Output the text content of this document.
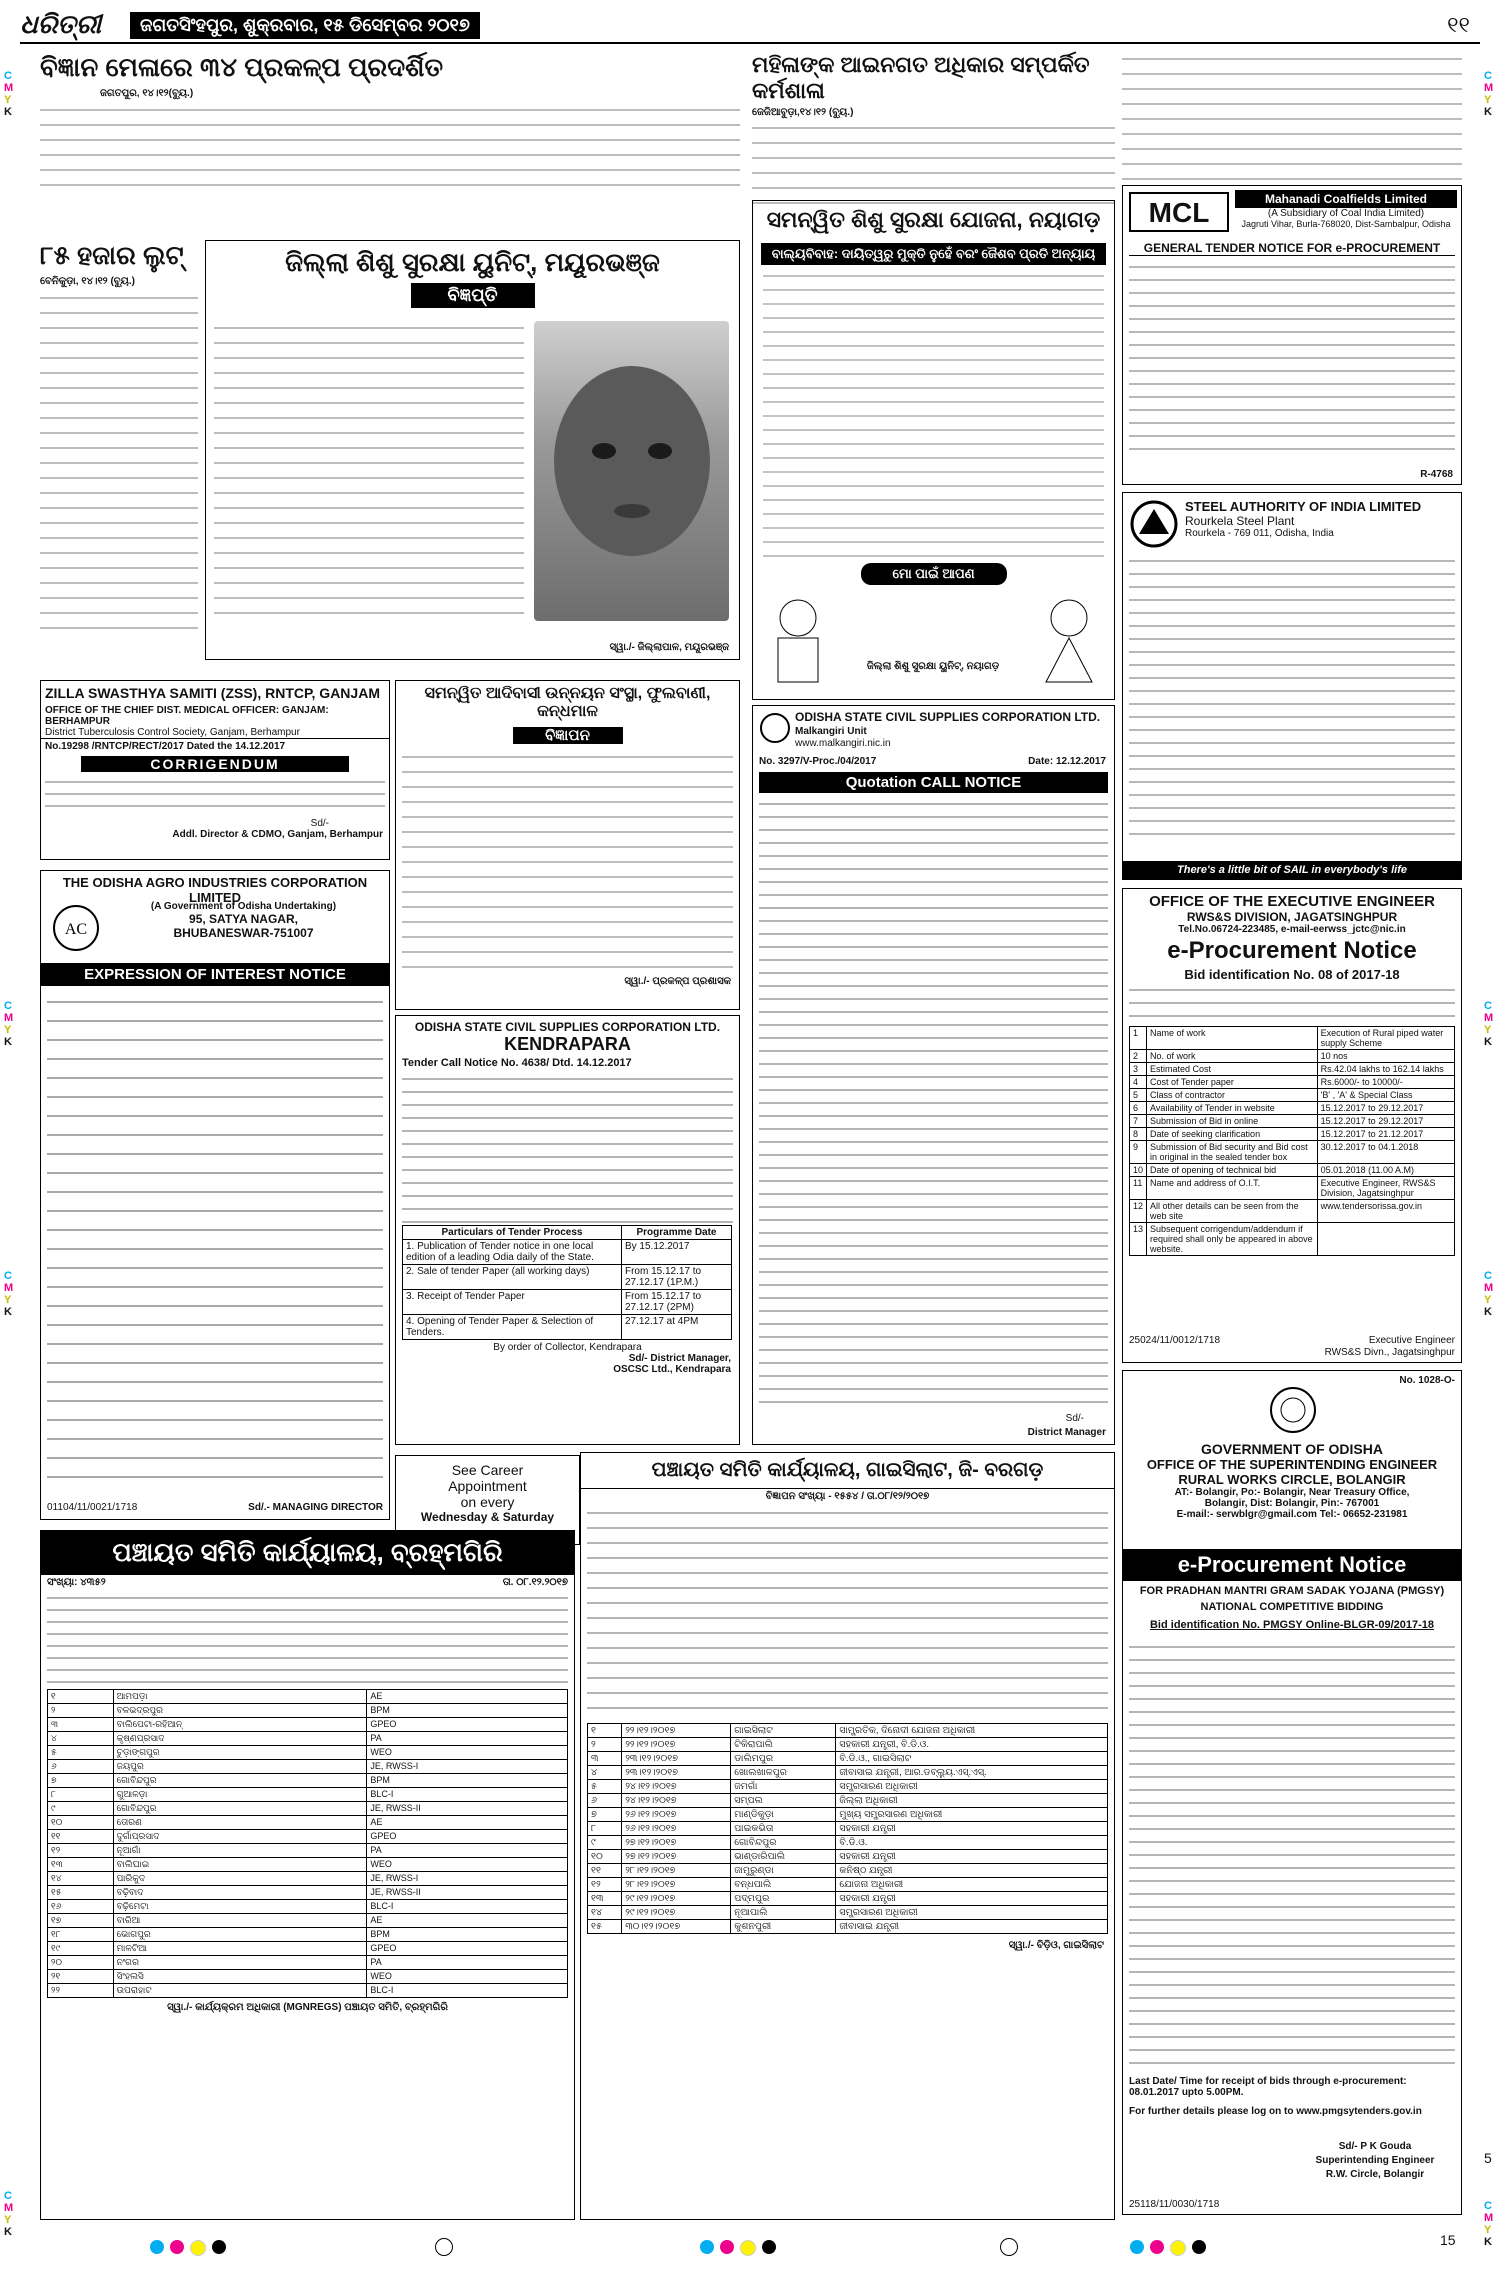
ଧରିତ୍ରୀ	ଜଗତସିଂହପୁର, ଶୁକ୍ରବାର, ୧୫ ଡିସେମ୍ବର ୨୦୧୭	୧୧
C
M
Y
K
C
M
Y
K
C
M
Y
K
C
M
Y
K
C
M
Y
K
C
M
Y
K
C
M
Y
K
5
C
M
Y
K
ବିଜ୍ଞାନ ମେଳାରେ ୩୪ ପ୍ରକଳ୍ପ ପ୍ରଦର୍ଶିତ
ଜଗତପୁର, ୧୪।୧୨(ବ୍ୟୁ.)
୮୫ ହଜାର ଲୁଟ୍
ବେନିକୁଡ଼ା, ୧୪।୧୨ (ବ୍ୟୁ.)
ଜିଲ୍ଲା ଶିଶୁ ସୁରକ୍ଷା ୟୁନିଟ୍, ମୟୂରଭଞ୍ଜ
ବିଜ୍ଞପ୍ତି
ସ୍ୱା./- ଜିଲ୍ଲାପାଳ, ମୟୂରଭଞ୍ଜ
ମହିଳାଙ୍କ ଆଇନଗତ ଅଧିକାର ସମ୍ପର୍କିତ କର୍ମଶାଳା
ଜେଜିଆବୁଡ଼ା,୧୪।୧୨ (ବ୍ୟୁ.)
ସମନ୍ୱିତ ଶିଶୁ ସୁରକ୍ଷା ଯୋଜନା, ନୟାଗଡ଼
ବାଲ୍ୟବିବାହ: ଦାୟିତ୍ୱରୁ ମୁକ୍ତି ନୁହେଁ ବରଂ ଜୈଶବ ପ୍ରତି ଅନ୍ୟାୟ
ମୋ ପାଇଁ ଆପଣ
ଜିଲ୍ଲା ଶିଶୁ ସୁରକ୍ଷା ୟୁନିଟ୍, ନୟାଗଡ଼
MCL	Mahanadi Coalfields Limited
(A Subsidiary of Coal India Limited)
Jagruti Vihar, Burla-768020, Dist-Sambalpur, Odisha
GENERAL TENDER NOTICE FOR e-PROCUREMENT
R-4768
STEEL AUTHORITY OF INDIA LIMITED
Rourkela Steel Plant
Rourkela - 769 011, Odisha, India
There's a little bit of SAIL in everybody's life
ZILLA SWASTHYA SAMITI (ZSS), RNTCP, GANJAM
OFFICE OF THE CHIEF DIST. MEDICAL OFFICER: GANJAM: BERHAMPUR
District Tuberculosis Control Society, Ganjam, Berhampur
No.19298 /RNTCP/RECT/2017 Dated the 14.12.2017
CORRIGENDUM
Sd/-
Addl. Director & CDMO, Ganjam, Berhampur
ସମନ୍ୱିତ ଆଦିବାସୀ ଉନ୍ନୟନ ସଂସ୍ଥା, ଫୁଲବାଣୀ, କନ୍ଧମାଳ
ବିଜ୍ଞାପନ
ସ୍ୱା./- ପ୍ରକଳ୍ପ ପ୍ରଶାସକ
ODISHA STATE CIVIL SUPPLIES CORPORATION LTD.
Malkangiri Unit
www.malkangiri.nic.in
No. 3297/V-Proc./04/2017	Date: 12.12.2017
Quotation CALL NOTICE
Sd/-
District Manager
THE ODISHA AGRO INDUSTRIES CORPORATION LIMITED
AC
(A Government of Odisha Undertaking)
95, SATYA NAGAR,
BHUBANESWAR-751007
EXPRESSION OF INTEREST NOTICE
01104/11/0021/1718	Sd/.- MANAGING DIRECTOR
ODISHA STATE CIVIL SUPPLIES CORPORATION LTD.
KENDRAPARA
Tender Call Notice No. 4638/ Dtd. 14.12.2017
Particulars of Tender Process	Programme Date
1. Publication of Tender notice in one local edition of a leading Odia daily of the State.	By 15.12.2017
2. Sale of tender Paper (all working days)	From 15.12.17 to 27.12.17 (1P.M.)
3. Receipt of Tender Paper	From 15.12.17 to 27.12.17 (2PM)
4. Opening of Tender Paper & Selection of Tenders.	27.12.17 at 4PM
By order of Collector, Kendrapara
Sd/- District Manager,
OSCSC Ltd., Kendrapara
See Career
Appointment
on every
Wednesday & Saturday
OFFICE OF THE EXECUTIVE ENGINEER
RWS&S DIVISION, JAGATSINGHPUR
Tel.No.06724-223485, e-mail-eerwss_jctc@nic.in
e-Procurement Notice
Bid identification No. 08 of 2017-18
1	Name of work	Execution of Rural piped water supply Scheme
2	No. of work	10 nos
3	Estimated Cost	Rs.42.04 lakhs to 162.14 lakhs
4	Cost of Tender paper	Rs.6000/- to 10000/-
5	Class of contractor	'B' , 'A' & Special Class
6	Availability of Tender in website	15.12.2017 to 29.12.2017
7	Submission of Bid in online	15.12.2017 to 29.12.2017
8	Date of seeking clarification	15.12.2017 to 21.12.2017
9	Submission of Bid security and Bid cost in original in the sealed tender box	30.12.2017 to 04.1.2018
10	Date of opening of technical bid	05.01.2018 (11.00 A.M)
11	Name and address of O.I.T.	Executive Engineer, RWS&S Division, Jagatsinghpur
12	All other details can be seen from the web site	www.tendersorissa.gov.in
13	Subsequent corrigendum/addendum if required shall only be appeared in above website.	
25024/11/0012/1718	Executive Engineer
RWS&S Divn., Jagatsinghpur
No. 1028-O-
GOVERNMENT OF ODISHA
OFFICE OF THE SUPERINTENDING ENGINEER
RURAL WORKS CIRCLE, BOLANGIR
AT:- Bolangir, Po:- Bolangir, Near Treasury Office,
Bolangir, Dist: Bolangir, Pin:- 767001
E-mail:- serwblgr@gmail.com Tel:- 06652-231981
e-Procurement Notice
FOR PRADHAN MANTRI GRAM SADAK YOJANA (PMGSY)
NATIONAL COMPETITIVE BIDDING
Bid identification No. PMGSY Online-BLGR-09/2017-18
Last Date/ Time for receipt of bids through e-procurement: 08.01.2017 upto 5.00PM.
For further details please log on to www.pmgsytenders.gov.in
Sd/- P K Gouda
Superintending Engineer
R.W. Circle, Bolangir
25118/11/0030/1718
ପଞ୍ଚାୟତ ସମିତି କାର୍ଯ୍ୟାଳୟ, ବ୍ରହ୍ମଗିରି
ସଂଖ୍ୟା: ୪୩୫୨	ତା. ୦୮.୧୨.୨୦୧୭
୧	ଆମପଡ଼ା	AE
୨	ବଳଭଦ୍ରପୁର	BPM
୩	ବାଲିପେଟା-ରହିଆନ୍	GPEO
୪	କୃଷ୍ଣପ୍ରସାଦ	PA
୫	ଚୁଡ଼ାଙ୍ଗପୁର	WEO
୬	ଜୟପୁର	JE, RWSS-I
୭	ଗୋବିନ୍ଦପୁର	BPM
୮	ଗୁଆଳଡ଼ା	BLC-I
୯	ଗୋବିନ୍ଦପୁର	JE, RWSS-II
୧୦	ତୋରଣ	AE
୧୧	ଦୁର୍ଗାପ୍ରସାଦ	GPEO
୧୨	ନୂଆଗାଁ	PA
୧୩	ବାଲିଘାଇ	WEO
୧୪	ପାରିକୁଦ	JE, RWSS-I
୧୫	ବଢ଼ିବାଦ	JE, RWSS-II
୧୬	ବଢ଼ିମେଟା	BLC-I
୧୭	ବାରିଆ	AE
୧୮	ଭୋଗପୁର	BPM
୧୯	ମାଳଟିଆ	GPEO
୨୦	ନଂଗର	PA
୨୧	ସିଂହଲସି	WEO
୨୨	ଉପରାହାଟ	BLC-I
ସ୍ୱା./- କାର୍ଯ୍ୟକ୍ରମ ଅଧିକାରୀ (MGNREGS) ପଞ୍ଚାୟତ ସମିତି, ବ୍ରହ୍ମଗିରି
ପଞ୍ଚାୟତ ସମିତି କାର୍ଯ୍ୟାଳୟ, ଗାଇସିଲାଟ, ଜି- ବରଗଡ଼
ବିଜ୍ଞାପନ ସଂଖ୍ୟା - ୧୫୫୪ / ତା.୦୮/୧୨/୨୦୧୭
୧	୨୨।୧୨।୨୦୧୭	ଗାଇସିଲାଟ	ସାମ୍ପ୍ରତିକ, ଦିନୋଦୀ ଯୋଜନା ଅଧିକାରୀ
୨	୨୨।୧୨।୨୦୧୭	ଟିକିରାପାଲି	ସହକାରୀ ଯନ୍ତ୍ରୀ, ବି.ଡି.ଓ.
୩	୨୩।୧୨।୨୦୧୭	ଡାଲିମପୁର	ବି.ଡି.ଓ., ଗାଇସିଲାଟ
୪	୨୩।୧୨।୨୦୧୭	ଖୋଲଖାଳପୁର	ଜୀବାସାଇ ଯନ୍ତ୍ରୀ, ଆର.ଡବ୍ଲ୍ୟୁ.ଏସ୍.ଏସ୍.
୫	୨୪।୧୨।୨୦୧୭	ଜମଗାଁ	ସମ୍ପ୍ରସାରଣ ଅଧିକାରୀ
୬	୨୪।୧୨।୨୦୧୭	ସମ୍ପଲ	ଜିଲ୍ଲା ଅଧିକାରୀ
୭	୨୬।୧୨।୨୦୧୭	ମାଣ୍ଡିକୁଡ଼ା	ମୁଖ୍ୟ ସମ୍ପ୍ରସାରଣ ଅଧିକାରୀ
୮	୨୬।୧୨।୨୦୧୭	ପାଇକଭିତା	ସହକାରୀ ଯନ୍ତ୍ରୀ
୯	୨୭।୧୨।୨୦୧୭	ଗୋବିନ୍ଦପୁର	ବି.ଡି.ଓ.
୧୦	୨୭।୧୨।୨୦୧୭	ଭାଣ୍ଡାରିପାଲି	ସହକାରୀ ଯନ୍ତ୍ରୀ
୧୧	୨୮।୧୨।୨୦୧୭	ଜାମୁରୁଣ୍ଡା	କନିଷ୍ଠ ଯନ୍ତ୍ରୀ
୧୨	୨୮।୧୨।୨୦୧୭	ବନ୍ଧପାଲି	ଯୋଜନା ଅଧିକାରୀ
୧୩	୨୯।୧୨।୨୦୧୭	ପଦ୍ମପୁର	ସହକାରୀ ଯନ୍ତ୍ରୀ
୧୪	୨୯।୧୨।୨୦୧୭	ନୂଆପାଲି	ସମ୍ପ୍ରସାରଣ ଅଧିକାରୀ
୧୫	୩୦।୧୨।୨୦୧୭	କୁଶନପୁରୀ	ଜୀବାସାଇ ଯନ୍ତ୍ରୀ
ସ୍ୱା./- ବିଡ଼ିଓ, ଗାଇସିଲାଟ
15
